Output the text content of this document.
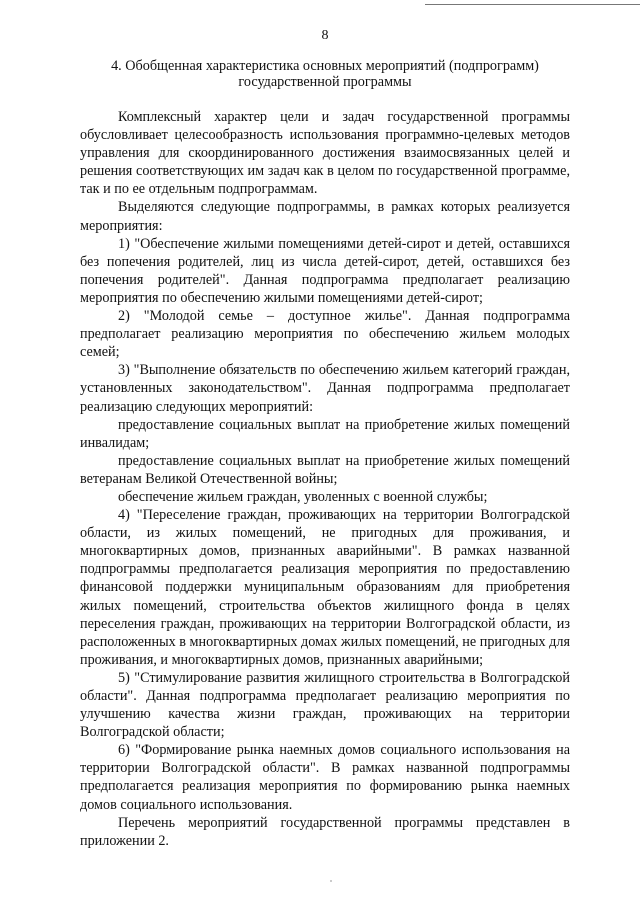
8
4. Обобщенная характеристика основных мероприятий (подпрограмм)
государственной программы

Комплексный характер цели и задач государственной программы обусловливает целесообразность использования программно-целевых методов управления для скоординированного достижения взаимосвязанных целей и решения соответствующих им задач как в целом по государственной программе, так и по ее отдельным подпрограммам.

Выделяются следующие подпрограммы, в рамках которых реализуется мероприятия:

1) "Обеспечение жилыми помещениями детей-сирот и детей, оставшихся без попечения родителей, лиц из числа детей-сирот, детей, оставшихся без попечения родителей". Данная подпрограмма предполагает реализацию мероприятия по обеспечению жилыми помещениями детей-сирот;

2) "Молодой семье – доступное жилье". Данная подпрограмма предполагает реализацию мероприятия по обеспечению жильем молодых семей;

3) "Выполнение обязательств по обеспечению жильем категорий граждан, установленных законодательством". Данная подпрограмма предполагает реализацию следующих мероприятий:

предоставление социальных выплат на приобретение жилых помещений инвалидам;

предоставление социальных выплат на приобретение жилых помещений ветеранам Великой Отечественной войны;

обеспечение жильем граждан, уволенных с военной службы;

4) "Переселение граждан, проживающих на территории Волгоградской области, из жилых помещений, не пригодных для проживания, и многоквартирных домов, признанных аварийными". В рамках названной подпрограммы предполагается реализация мероприятия по предоставлению финансовой поддержки муниципальным образованиям для приобретения жилых помещений, строительства объектов жилищного фонда в целях переселения граждан, проживающих на территории Волгоградской области, из расположенных в многоквартирных домах жилых помещений, не пригодных для проживания, и многоквартирных домов, признанных аварийными;

5) "Стимулирование развития жилищного строительства в Волгоградской области". Данная подпрограмма предполагает реализацию мероприятия по улучшению качества жизни граждан, проживающих на территории Волгоградской области;

6) "Формирование рынка наемных домов социального использования на территории Волгоградской области". В рамках названной подпрограммы предполагается реализация мероприятия по формированию рынка наемных домов социального использования.

Перечень мероприятий государственной программы представлен в приложении 2.
